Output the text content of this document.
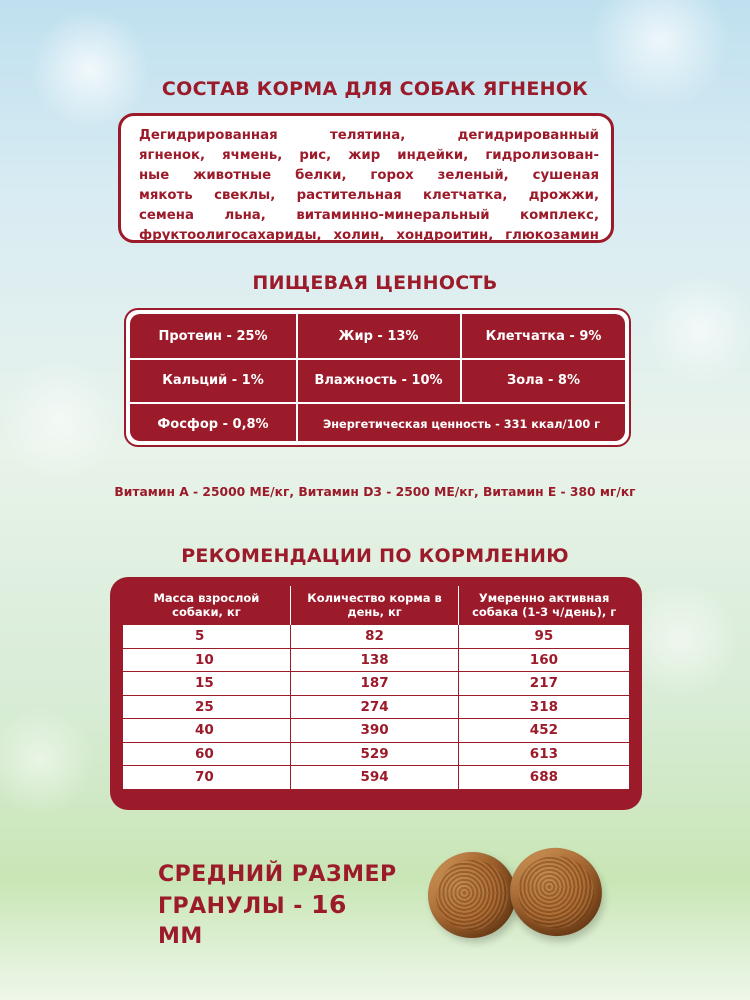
СОСТАВ КОРМА ДЛЯ СОБАК ЯГНЕНОК
Дегидрированная телятина, дегидрированный
ягненок, ячмень, рис, жир индейки, гидролизован-
ные животные белки, горох зеленый, сушеная
мякоть свеклы, растительная клетчатка, дрожжи,
семена льна, витаминно-минеральный комплекс,
фруктоолигосахариды, холин, хондроитин, глюкозамин
ПИЩЕВАЯ ЦЕННОСТЬ
Протеин - 25%	Жир - 13%	Клетчатка - 9%
Кальций - 1%	Влажность - 10%	Зола - 8%
Фосфор - 0,8%	Энергетическая ценность - 331 ккал/100 г
Витамин А - 25000 МЕ/кг, Витамин D3 - 2500 МЕ/кг, Витамин Е - 380 мг/кг
РЕКОМЕНДАЦИИ ПО КОРМЛЕНИЮ
Масса взрослой собаки, кг	Количество корма в день, кг	Умеренно активная собака (1-3 ч/день), г
5	82	95
10	138	160
15	187	217
25	274	318
40	390	452
60	529	613
70	594	688
СРЕДНИЙ РАЗМЕР
ГРАНУЛЫ - 16 ММ
